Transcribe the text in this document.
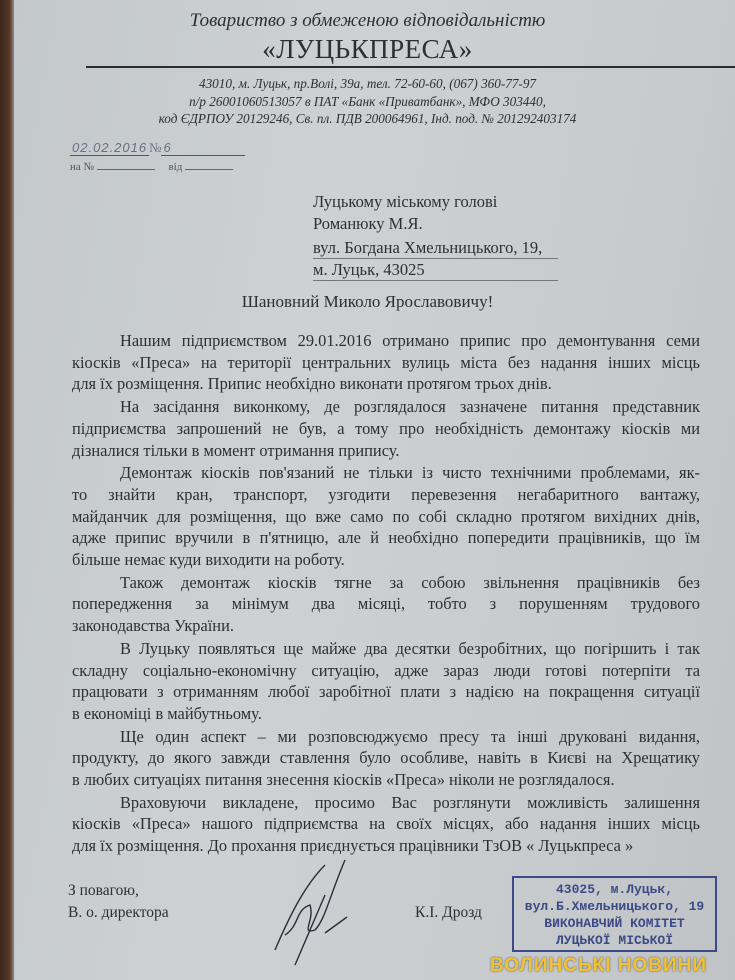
Товариство з обмеженою відповідальністю
«ЛУЦЬКПРЕСА»
43010, м. Луцьк, пр.Волі, 39а, тел. 72-60-60, (067) 360-77-97
п/р 26001060513057 в ПАТ «Банк «Приватбанк», МФО 303440,
код ЄДРПОУ 20129246, Св. пл. ПДВ 200064961, Інд. под. № 201292403174
02.02.2016 № 6
на №	від
Луцькому міському голові
Романюку М.Я.
вул. Богдана Хмельницького, 19,
м. Луцьк, 43025
Шановний Миколо Ярославовичу!
Нашим підприємством 29.01.2016 отримано припис про демонтування семи
кіосків «Преса» на території центральних вулиць міста без надання інших місць
для їх розміщення. Припис необхідно виконати протягом трьох днів.
На засідання виконкому, де розглядалося зазначене питання представник
підприємства запрошений не був, а тому про необхідність демонтажу кіосків ми
дізналися тільки в момент отримання припису.
Демонтаж кіосків пов'язаний не тільки із чисто технічними проблемами, як-
то знайти кран, транспорт, узгодити перевезення негабаритного вантажу,
майданчик для розміщення, що вже само по собі складно протягом вихідних днів,
адже припис вручили в п'ятницю, але й необхідно попередити працівників, що їм
більше немає куди виходити на роботу.
Також демонтаж кіосків тягне за собою звільнення працівників без
попередження за мінімум два місяці, тобто з порушенням трудового
законодавства України.
В Луцьку появляться ще майже два десятки безробітних, що погіршить і так
складну соціально-економічну ситуацію, адже зараз люди готові потерпіти та
працювати з отриманням любої заробітної плати з надією на покращення ситуації
в економіці в майбутньому.
Ще один аспект – ми розповсюджуємо пресу та інші друковані видання,
продукту, до якого завжди ставлення було особливе, навіть в Києві на Хрещатику
в любих ситуаціях питання знесення кіосків «Преса» ніколи не розглядалося.
Враховуючи викладене, просимо Вас розглянути можливість залишення
кіосків «Преса» нашого підприємства на своїх місцях, або надання інших місць
для їх розміщення. До прохання приєднується працівники ТзОВ « Луцькпреса »
З повагою,
В. о. директора	К.І. Дрозд
43025, м.Луцьк,
вул.Б.Хмельницького, 19
ВИКОНАВЧИЙ КОМІТЕТ
ЛУЦЬКОЇ МІСЬКОЇ
ВОЛИНСЬКІ НОВИНИ
